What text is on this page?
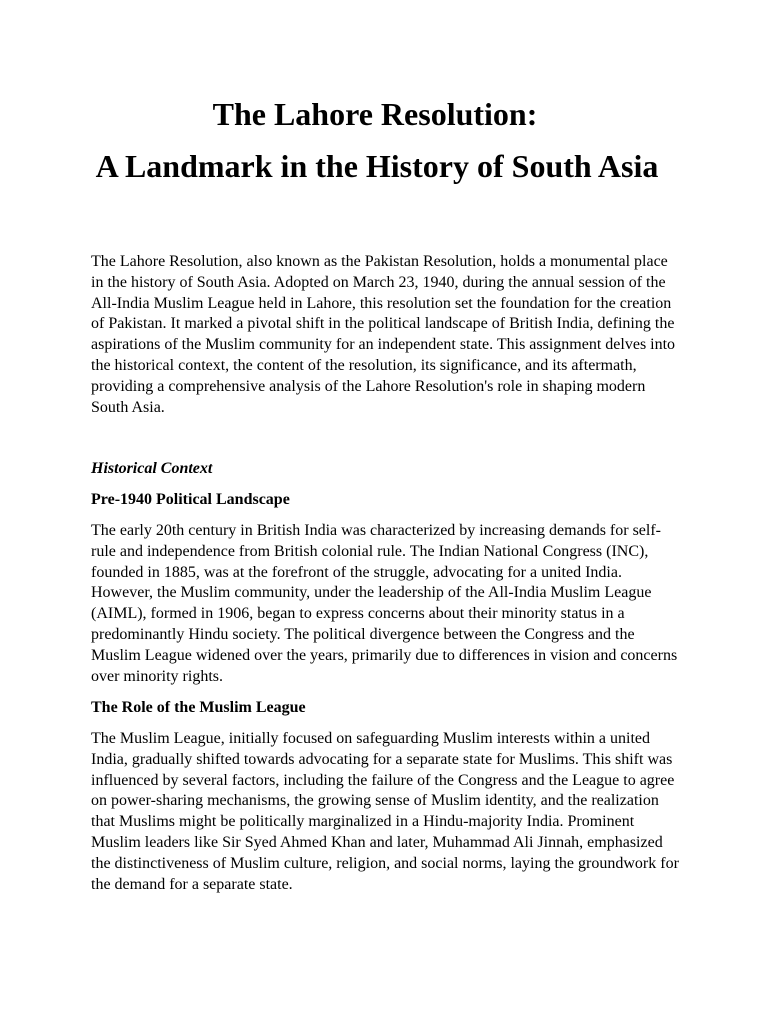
The Lahore Resolution:
A Landmark in the History of South Asia

The Lahore Resolution, also known as the Pakistan Resolution, holds a monumental place in the history of South Asia. Adopted on March 23, 1940, during the annual session of the All-India Muslim League held in Lahore, this resolution set the foundation for the creation of Pakistan. It marked a pivotal shift in the political landscape of British India, defining the aspirations of the Muslim community for an independent state. This assignment delves into the historical context, the content of the resolution, its significance, and its aftermath, providing a comprehensive analysis of the Lahore Resolution's role in shaping modern South Asia.

Historical Context

Pre-1940 Political Landscape

The early 20th century in British India was characterized by increasing demands for self-rule and independence from British colonial rule. The Indian National Congress (INC), founded in 1885, was at the forefront of the struggle, advocating for a united India. However, the Muslim community, under the leadership of the All-India Muslim League (AIML), formed in 1906, began to express concerns about their minority status in a predominantly Hindu society. The political divergence between the Congress and the Muslim League widened over the years, primarily due to differences in vision and concerns over minority rights.

The Role of the Muslim League

The Muslim League, initially focused on safeguarding Muslim interests within a united India, gradually shifted towards advocating for a separate state for Muslims. This shift was influenced by several factors, including the failure of the Congress and the League to agree on power-sharing mechanisms, the growing sense of Muslim identity, and the realization that Muslims might be politically marginalized in a Hindu-majority India. Prominent Muslim leaders like Sir Syed Ahmed Khan and later, Muhammad Ali Jinnah, emphasized the distinctiveness of Muslim culture, religion, and social norms, laying the groundwork for the demand for a separate state.
